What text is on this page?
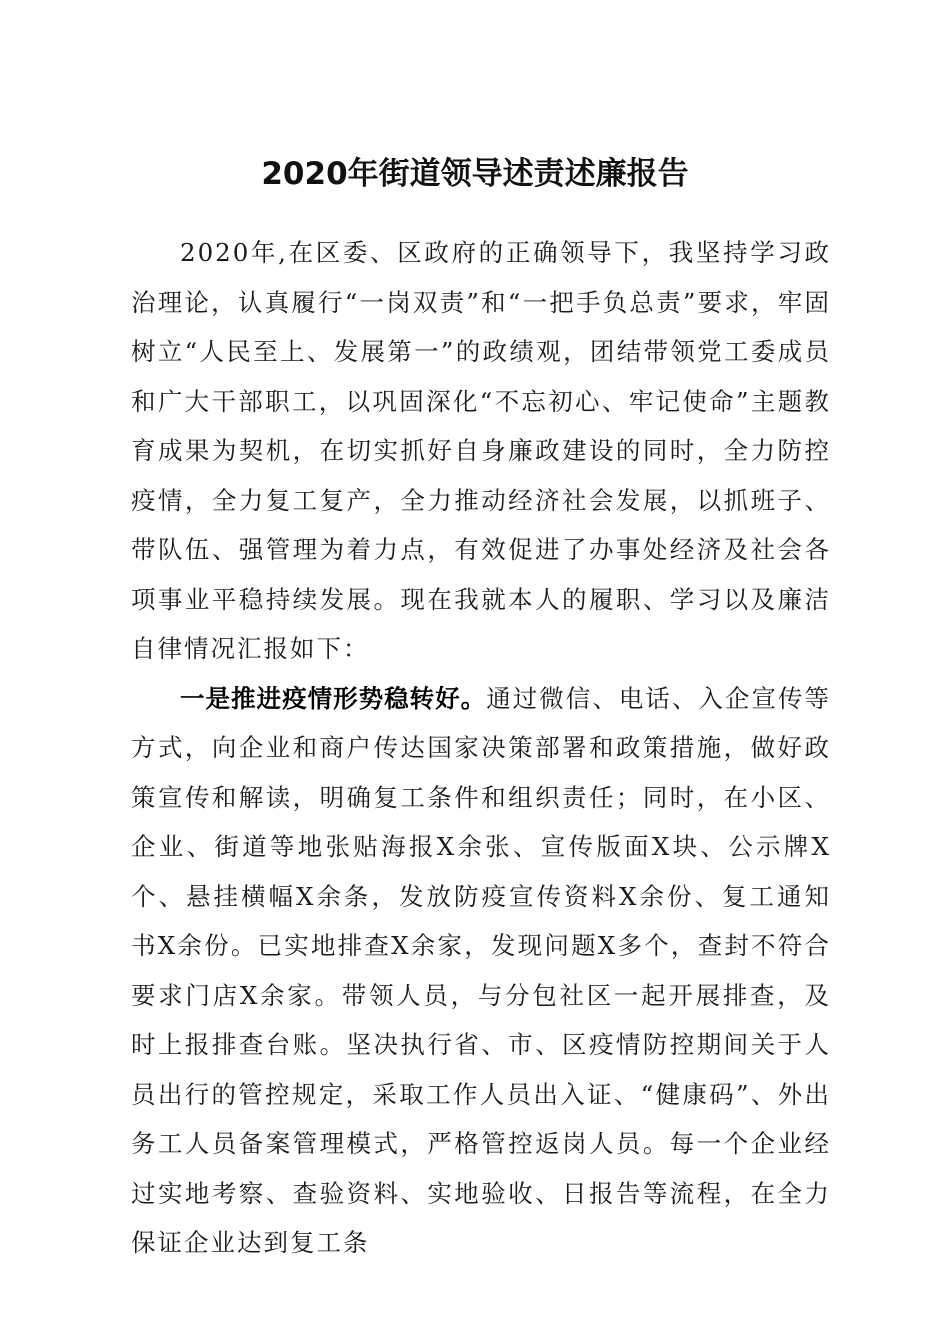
2020年街道领导述责述廉报告

2020年,在区委、区政府的正确领导下，我坚持学习政治理论，认真履行“一岗双责”和“一把手负总责”要求，牢固树立“人民至上、发展第一”的政绩观，团结带领党工委成员和广大干部职工，以巩固深化“不忘初心、牢记使命”主题教育成果为契机，在切实抓好自身廉政建设的同时，全力防控疫情，全力复工复产，全力推动经济社会发展，以抓班子、带队伍、强管理为着力点，有效促进了办事处经济及社会各项事业平稳持续发展。现在我就本人的履职、学习以及廉洁自律情况汇报如下：

一是推进疫情形势稳转好。通过微信、电话、入企宣传等方式，向企业和商户传达国家决策部署和政策措施，做好政策宣传和解读，明确复工条件和组织责任；同时，在小区、企业、街道等地张贴海报X余张、宣传版面X块、公示牌X个、悬挂横幅X余条，发放防疫宣传资料X余份、复工通知书X余份。已实地排查X余家，发现问题X多个，查封不符合要求门店X余家。带领人员，与分包社区一起开展排查，及时上报排查台账。坚决执行省、市、区疫情防控期间关于人员出行的管控规定，采取工作人员出入证、“健康码”、外出务工人员备案管理模式，严格管控返岗人员。每一个企业经过实地考察、查验资料、实地验收、日报告等流程，在全力保证企业达到复工条
